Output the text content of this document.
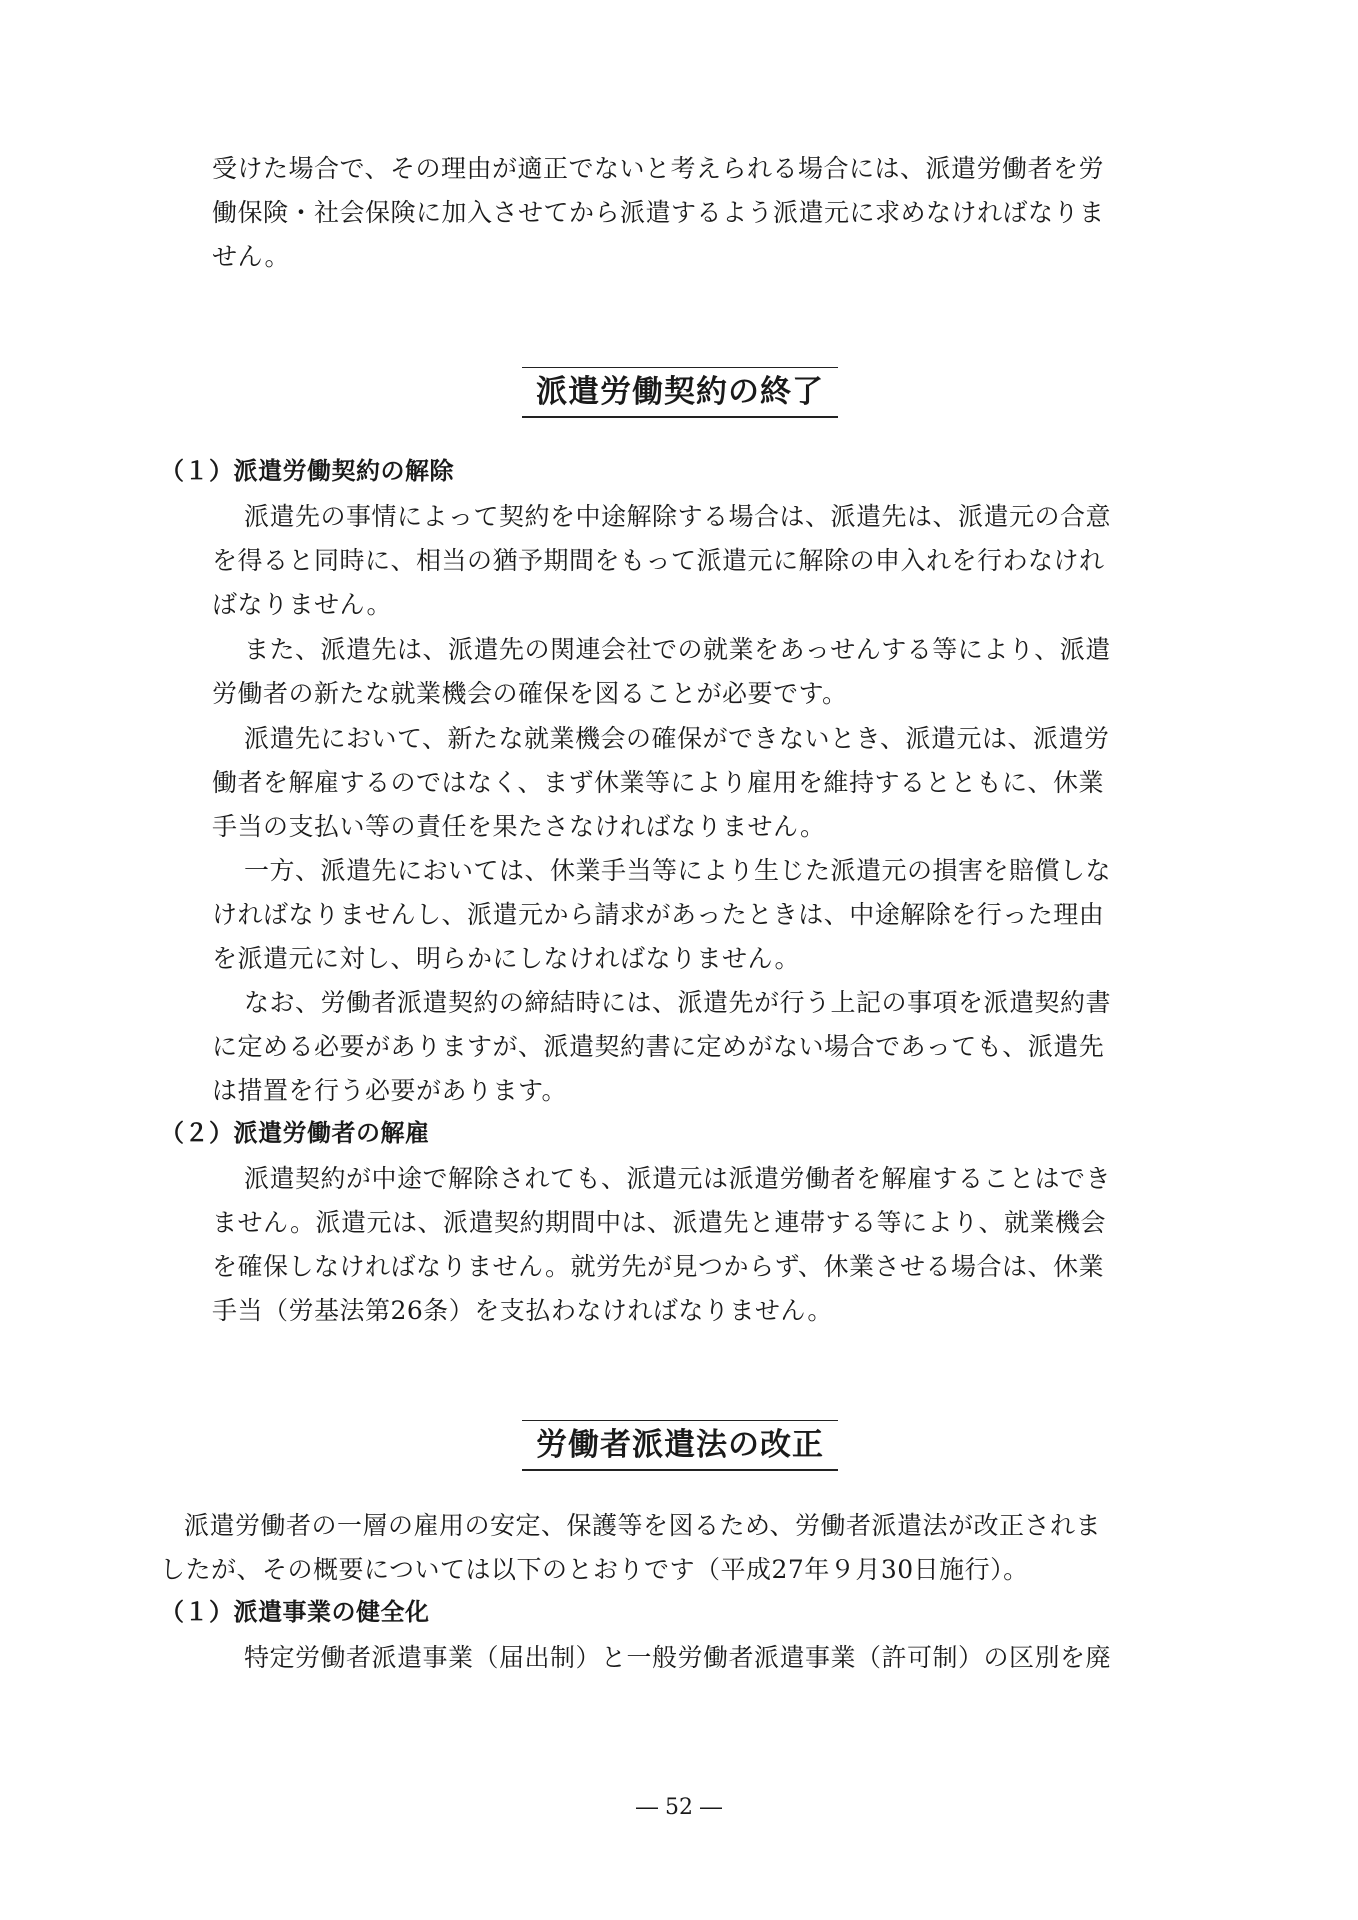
受けた場合で、その理由が適正でないと考えられる場合には、派遣労働者を労
働保険・社会保険に加入させてから派遣するよう派遣元に求めなければなりま
せん。

派遣労働契約の終了
（１）派遣労働契約の解除

派遣先の事情によって契約を中途解除する場合は、派遣先は、派遣元の合意
を得ると同時に、相当の猶予期間をもって派遣元に解除の申入れを行わなけれ
ばなりません。

また、派遣先は、派遣先の関連会社での就業をあっせんする等により、派遣
労働者の新たな就業機会の確保を図ることが必要です。

派遣先において、新たな就業機会の確保ができないとき、派遣元は、派遣労
働者を解雇するのではなく、まず休業等により雇用を維持するとともに、休業
手当の支払い等の責任を果たさなければなりません。

一方、派遣先においては、休業手当等により生じた派遣元の損害を賠償しな
ければなりませんし、派遣元から請求があったときは、中途解除を行った理由
を派遣元に対し、明らかにしなければなりません。

なお、労働者派遣契約の締結時には、派遣先が行う上記の事項を派遣契約書
に定める必要がありますが、派遣契約書に定めがない場合であっても、派遣先
は措置を行う必要があります。

（２）派遣労働者の解雇

派遣契約が中途で解除されても、派遣元は派遣労働者を解雇することはでき
ません。派遣元は、派遣契約期間中は、派遣先と連帯する等により、就業機会
を確保しなければなりません。就労先が見つからず、休業させる場合は、休業
手当（労基法第26条）を支払わなければなりません。

労働者派遣法の改正

派遣労働者の一層の雇用の安定、保護等を図るため、労働者派遣法が改正されま
したが、その概要については以下のとおりです（平成27年９月30日施行）。

（１）派遣事業の健全化

特定労働者派遣事業（届出制）と一般労働者派遣事業（許可制）の区別を廃

― 52 ―
